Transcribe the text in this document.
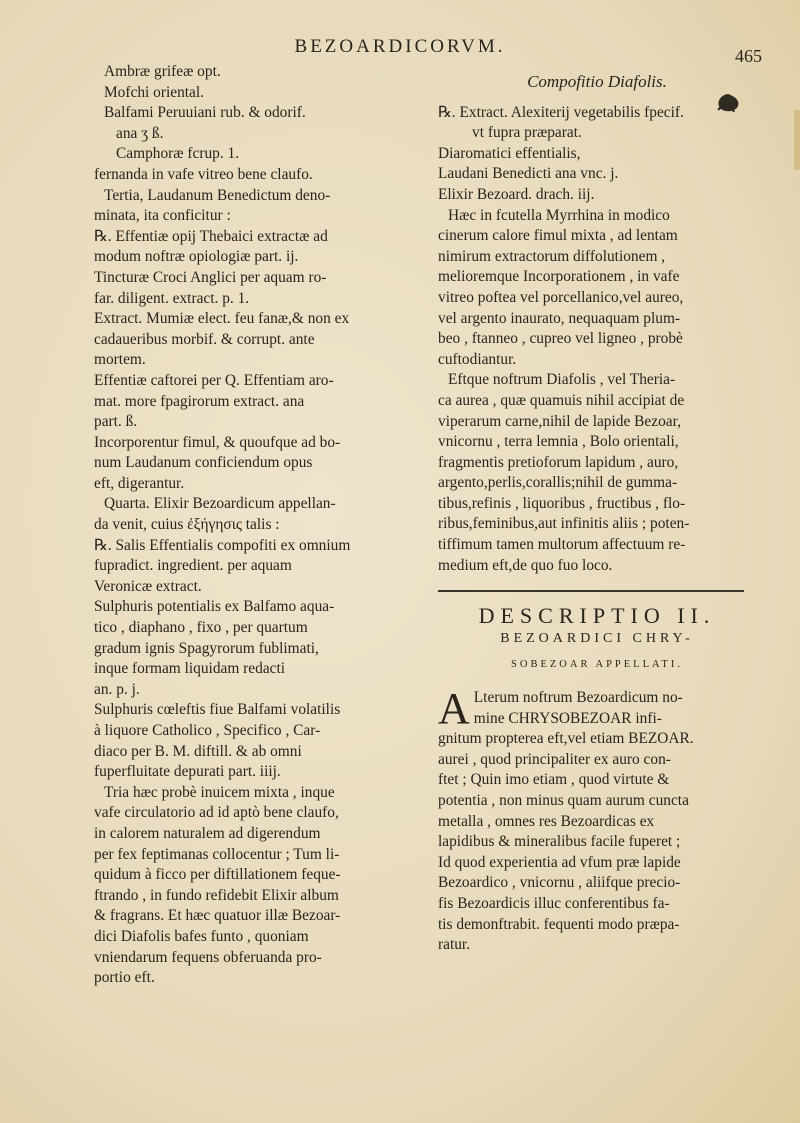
BEZOARDICORVM.	465
Ambræ grifeæ opt.
Mofchi oriental.
Balfami Peruuiani rub. & odorif.
ana ʒ ß.
Camphoræ fcrup. 1.
fernanda in vafe vitreo bene claufo.
Tertia, Laudanum Benedictum deno-
minata, ita conficitur :
℞. Effentiæ opij Thebaici extractæ ad
modum noftræ opiologiæ part. ij.
Tincturæ Croci Anglici per aquam ro-
far. diligent. extract. p. 1.
Extract. Mumiæ elect. feu fanæ,& non ex
cadaueribus morbif. & corrupt. ante
mortem.
Effentiæ caftorei per Q. Effentiam aro-
mat. more fpagirorum extract. ana
part. ß.
Incorporentur fimul, & quoufque ad bo-
num Laudanum conficiendum opus
eft, digerantur.
Quarta. Elixir Bezoardicum appellan-
da venit, cuius ἐξήγησις talis :
℞. Salis Effentialis compofiti ex omnium
fupradict. ingredient. per aquam
Veronicæ extract.
Sulphuris potentialis ex Balfamo aqua-
tico , diaphano , fixo , per quartum
gradum ignis Spagyrorum fublimati,
inque formam liquidam redacti
an. p. j.
Sulphuris cœleftis fiue Balfami volatilis
à liquore Catholico , Specifico , Car-
diaco per B. M. diftill. & ab omni
fuperfluitate depurati part. iiij.
Tria hæc probè inuicem mixta , inque
vafe circulatorio ad id aptò bene claufo,
in calorem naturalem ad digerendum
per fex feptimanas collocentur ; Tum li-
quidum à ficco per diftillationem feque-
ftrando , in fundo refidebit Elixir album
& fragrans. Et hæc quatuor illæ Bezoar-
dici Diafolis bafes funto , quoniam
vniendarum fequens obferuanda pro-
portio eft.
Compofitio Diafolis.
℞. Extract. Alexiterij vegetabilis fpecif.
vt fupra præparat.
Diaromatici effentialis,
Laudani Benedicti ana vnc. j.
Elixir Bezoard. drach. iij.
Hæc in fcutella Myrrhina in modico
cinerum calore fimul mixta , ad lentam
nimirum extractorum diffolutionem ,
melioremque Incorporationem , in vafe
vitreo poftea vel porcellanico,vel aureo,
vel argento inaurato, nequaquam plum-
beo , ftanneo , cupreo vel ligneo , probè
cuftodiantur.
Eftque noftrum Diafolis , vel Theria-
ca aurea , quæ quamuis nihil accipiat de
viperarum carne,nihil de lapide Bezoar,
vnicornu , terra lemnia , Bolo orientali,
fragmentis pretioforum lapidum , auro,
argento,perlis,corallis;nihil de gumma-
tibus,refinis , liquoribus , fructibus , flo-
ribus,feminibus,aut infinitis aliis ; poten-
tiffimum tamen multorum affectuum re-
medium eft,de quo fuo loco.
DESCRIPTIO II.
BEZOARDICI CHRY-
SOBEZOAR APPELLATI.
A Lterum noftrum Bezoardicum no-
mine CHRYSOBEZOAR infi-
gnitum propterea eft,vel etiam BEZOAR.
aurei , quod principaliter ex auro con-
ftet ; Quin imo etiam , quod virtute &
potentia , non minus quam aurum cuncta
metalla , omnes res Bezoardicas ex
lapidibus & mineralibus facile fuperet ;
Id quod experientia ad vfum præ lapide
Bezoardico , vnicornu , aliifque precio-
fis Bezoardicis illuc conferentibus fa-
tis demonftrabit. fequenti modo præpa-
ratur.
